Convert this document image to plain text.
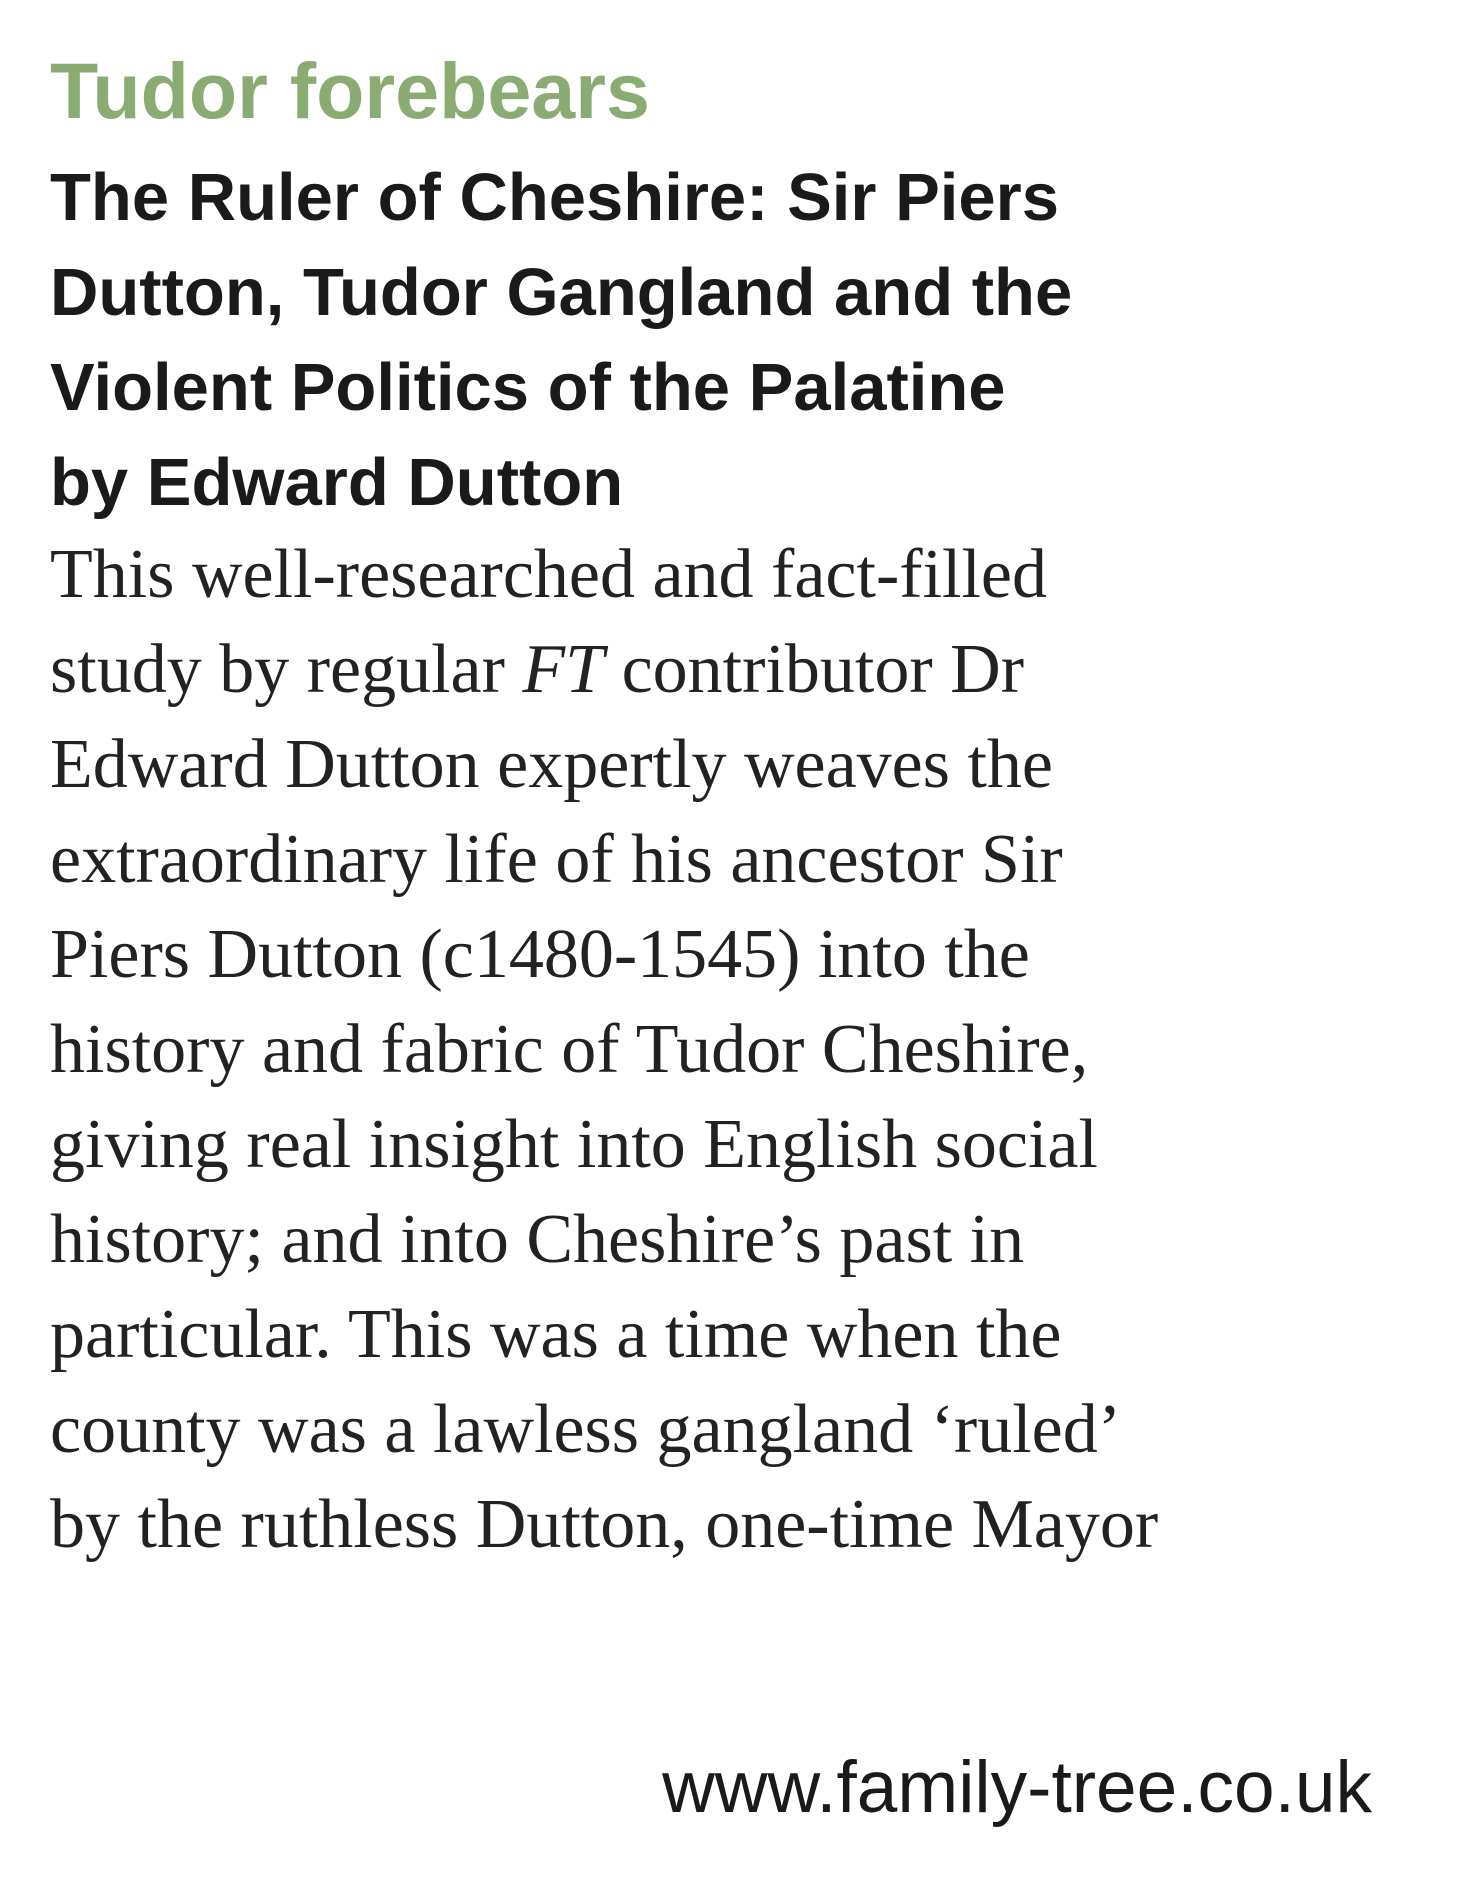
Tudor forebears
The Ruler of Cheshire: Sir Piers
Dutton, Tudor Gangland and the
Violent Politics of the Palatine
by Edward Dutton
This well-researched and fact-filled
study by regular FT contributor Dr
Edward Dutton expertly weaves the
extraordinary life of his ancestor Sir
Piers Dutton (c1480-1545) into the
history and fabric of Tudor Cheshire,
giving real insight into English social
history; and into Cheshire’s past in
particular. This was a time when the
county was a lawless gangland ‘ruled’
by the ruthless Dutton, one-time Mayor
www.family-tree.co.uk
